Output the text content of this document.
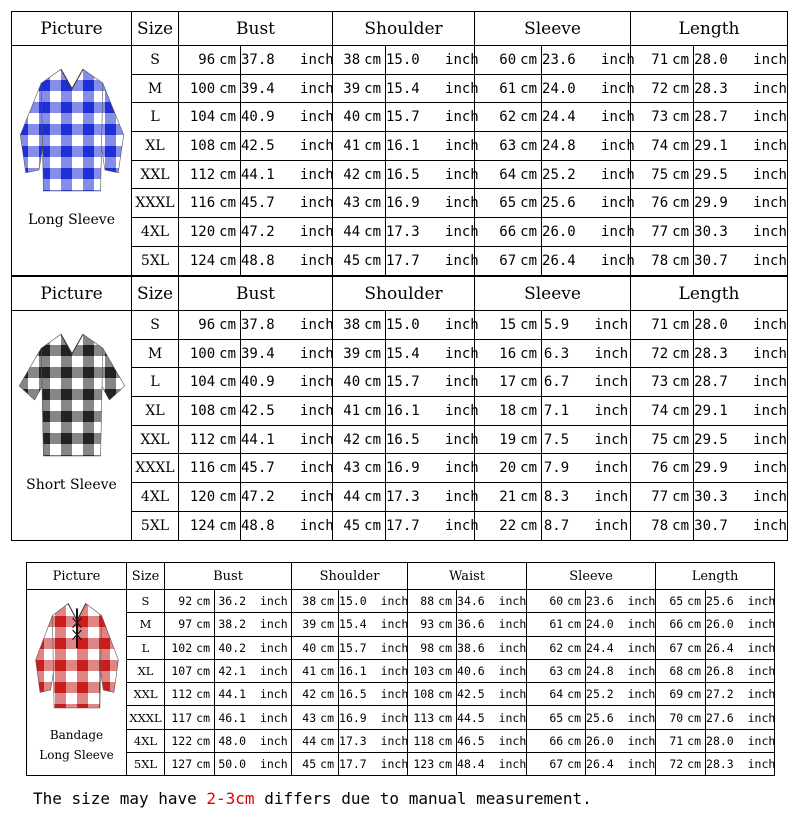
Picture	Size	Bust		Shoulder		Sleeve		Length	

Long Sleeve	S	96 cm	37.8 inch	38 cm	15.0 inch	60 cm	23.6 inch	71 cm	28.0 inch
	M	100 cm	39.4 inch	39 cm	15.4 inch	61 cm	24.0 inch	72 cm	28.3 inch
	L	104 cm	40.9 inch	40 cm	15.7 inch	62 cm	24.4 inch	73 cm	28.7 inch
	XL	108 cm	42.5 inch	41 cm	16.1 inch	63 cm	24.8 inch	74 cm	29.1 inch
	XXL	112 cm	44.1 inch	42 cm	16.5 inch	64 cm	25.2 inch	75 cm	29.5 inch
	XXXL	116 cm	45.7 inch	43 cm	16.9 inch	65 cm	25.6 inch	76 cm	29.9 inch
	4XL	120 cm	47.2 inch	44 cm	17.3 inch	66 cm	26.0 inch	77 cm	30.3 inch
	5XL	124 cm	48.8 inch	45 cm	17.7 inch	67 cm	26.4 inch	78 cm	30.7 inch
Picture	Size	Bust		Shoulder		Sleeve		Length	

Short Sleeve	S	96 cm	37.8 inch	38 cm	15.0 inch	15 cm	5.9 inch	71 cm	28.0 inch
	M	100 cm	39.4 inch	39 cm	15.4 inch	16 cm	6.3 inch	72 cm	28.3 inch
	L	104 cm	40.9 inch	40 cm	15.7 inch	17 cm	6.7 inch	73 cm	28.7 inch
	XL	108 cm	42.5 inch	41 cm	16.1 inch	18 cm	7.1 inch	74 cm	29.1 inch
	XXL	112 cm	44.1 inch	42 cm	16.5 inch	19 cm	7.5 inch	75 cm	29.5 inch
	XXXL	116 cm	45.7 inch	43 cm	16.9 inch	20 cm	7.9 inch	76 cm	29.9 inch
	4XL	120 cm	47.2 inch	44 cm	17.3 inch	21 cm	8.3 inch	77 cm	30.3 inch
	5XL	124 cm	48.8 inch	45 cm	17.7 inch	22 cm	8.7 inch	78 cm	30.7 inch
Picture	Size	Bust		Shoulder		Waist		Sleeve		Length	

Bandage
Long Sleeve	S	92 cm	36.2 inch	38 cm	15.0 inch	88 cm	34.6 inch	60 cm	23.6 inch	65 cm	25.6 inch
	M	97 cm	38.2 inch	39 cm	15.4 inch	93 cm	36.6 inch	61 cm	24.0 inch	66 cm	26.0 inch
	L	102 cm	40.2 inch	40 cm	15.7 inch	98 cm	38.6 inch	62 cm	24.4 inch	67 cm	26.4 inch
	XL	107 cm	42.1 inch	41 cm	16.1 inch	103 cm	40.6 inch	63 cm	24.8 inch	68 cm	26.8 inch
	XXL	112 cm	44.1 inch	42 cm	16.5 inch	108 cm	42.5 inch	64 cm	25.2 inch	69 cm	27.2 inch
	XXXL	117 cm	46.1 inch	43 cm	16.9 inch	113 cm	44.5 inch	65 cm	25.6 inch	70 cm	27.6 inch
	4XL	122 cm	48.0 inch	44 cm	17.3 inch	118 cm	46.5 inch	66 cm	26.0 inch	71 cm	28.0 inch
	5XL	127 cm	50.0 inch	45 cm	17.7 inch	123 cm	48.4 inch	67 cm	26.4 inch	72 cm	28.3 inch
The size may have 2-3cm differs due to manual measurement.
